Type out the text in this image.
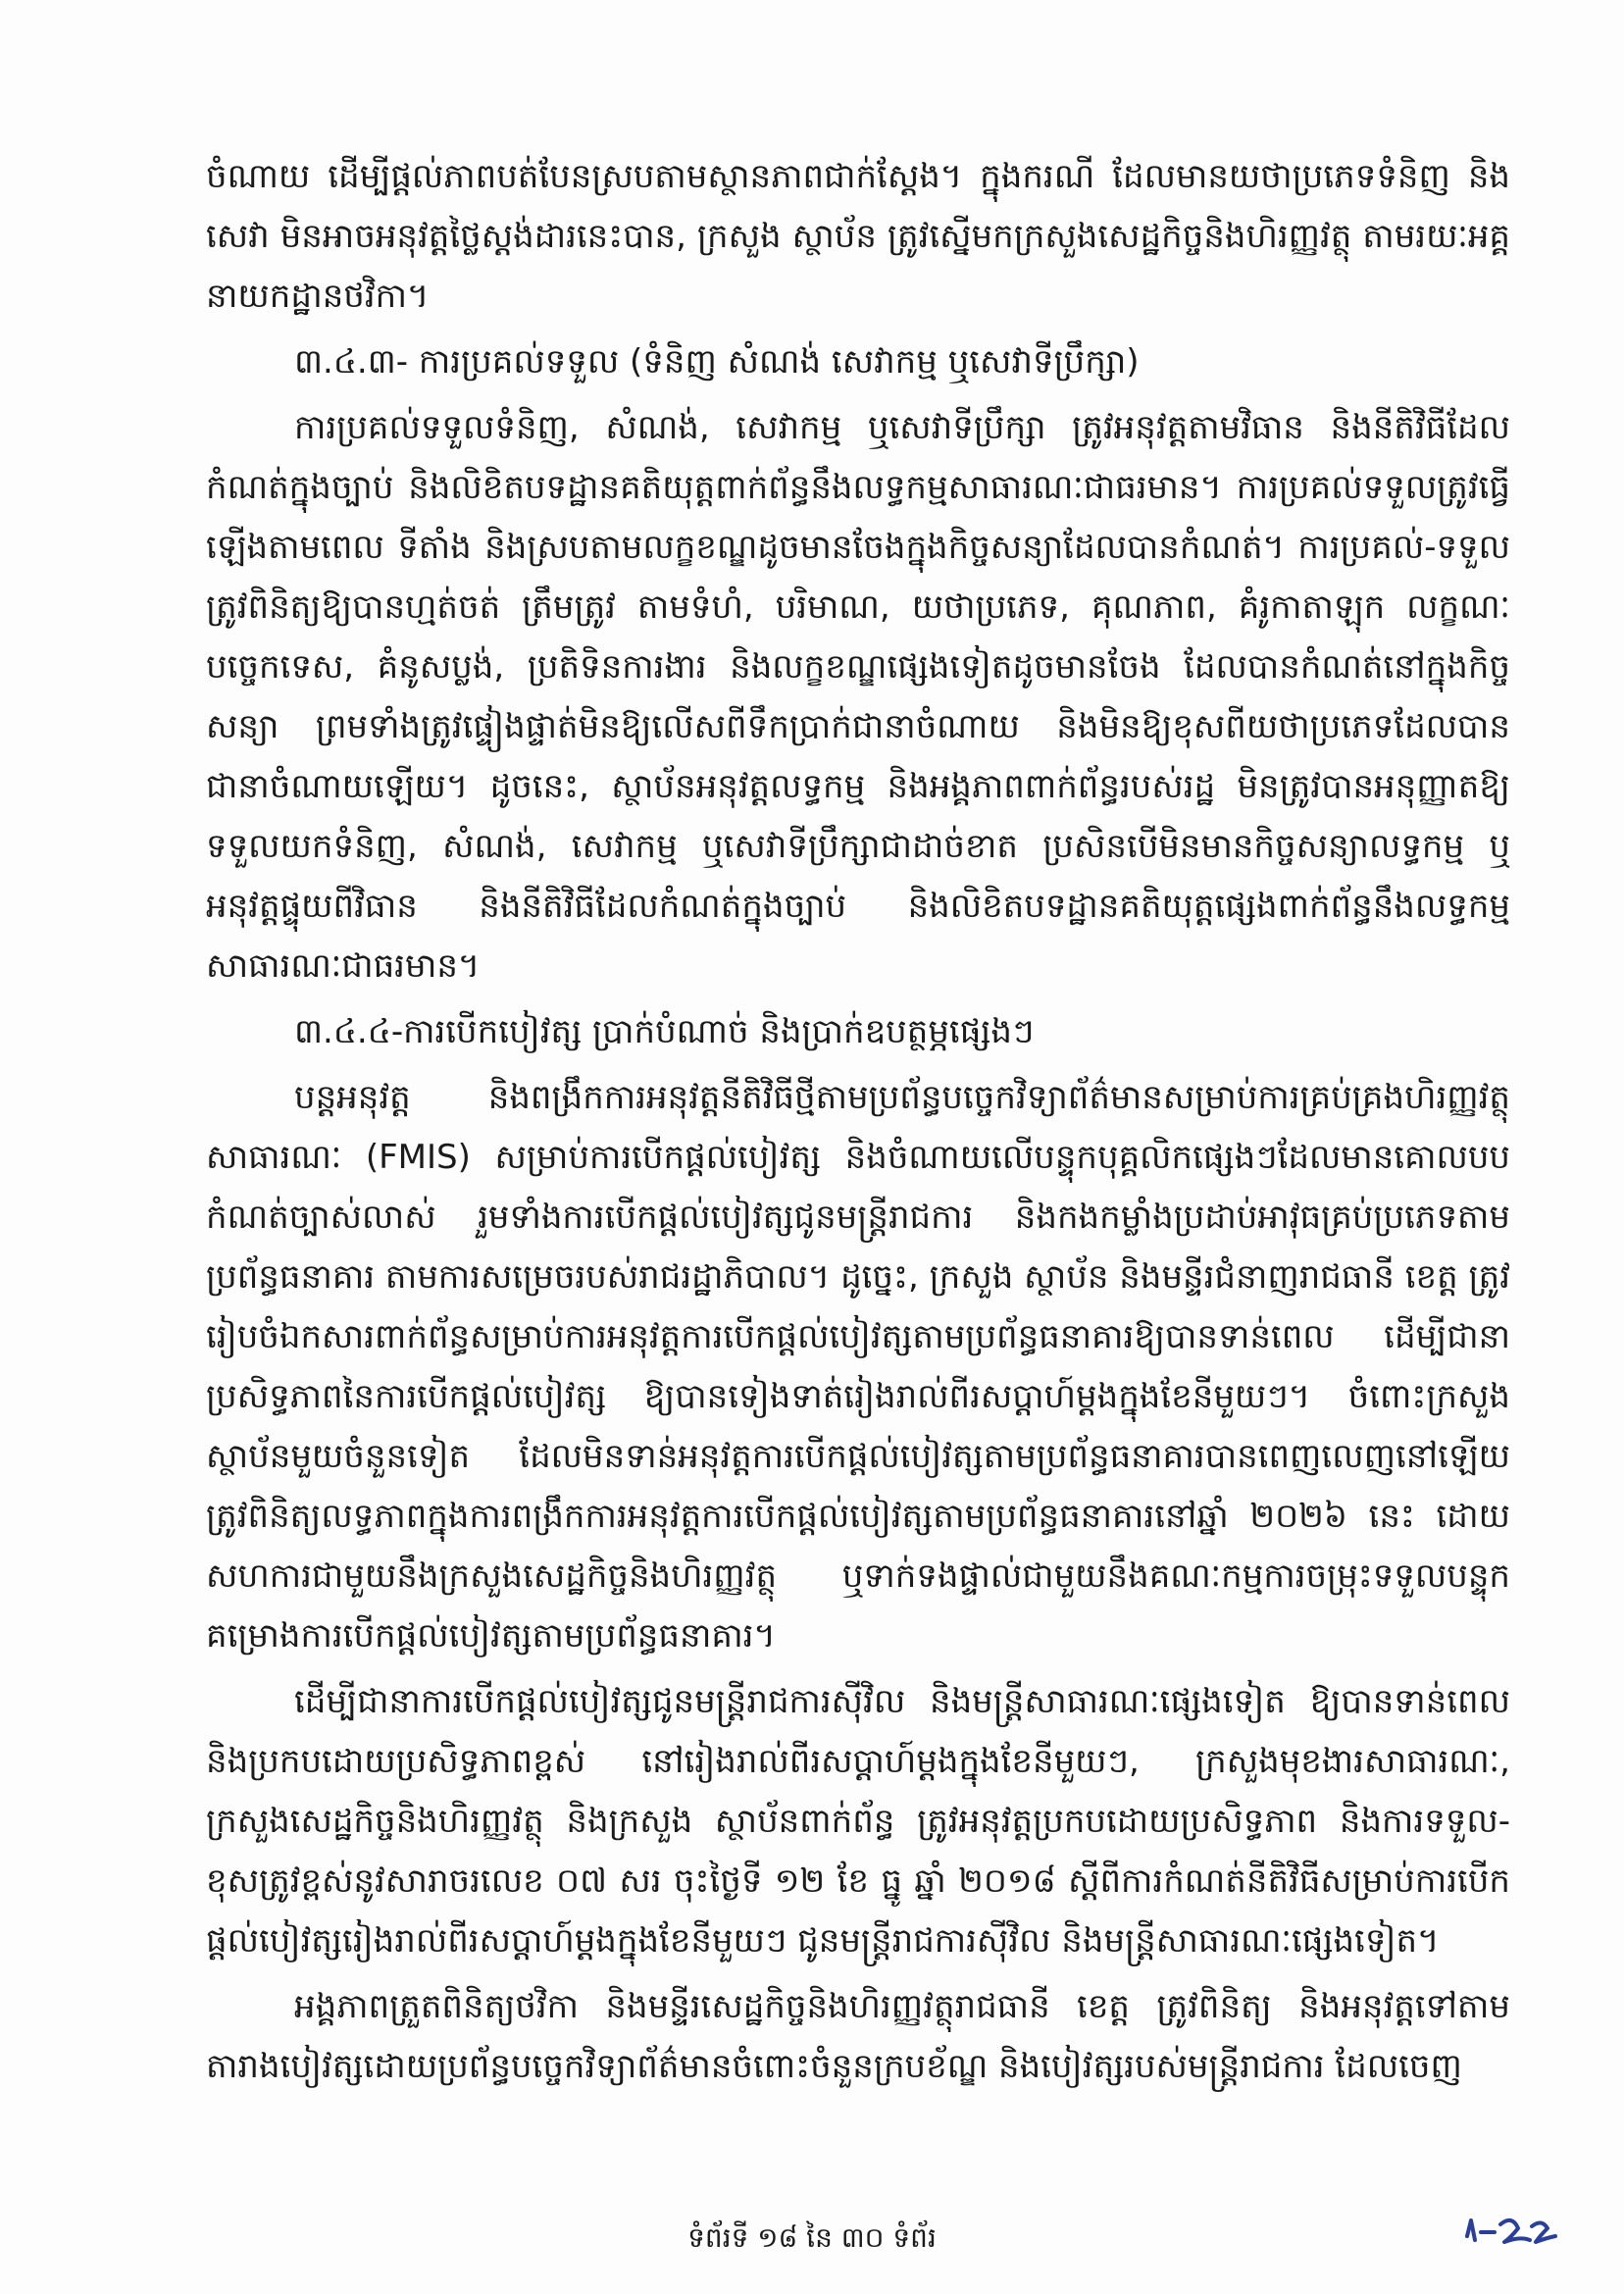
ចំណាយ ដើម្បីផ្តល់ភាពបត់បែនស្របតាមស្ថានភាពជាក់ស្តែង។ ក្នុងករណី ដែលមានយថាប្រភេទទំនិញ និងសេវា មិនអាចអនុវត្តថ្លៃស្តង់ដារនេះបាន, ក្រសួង ស្ថាប័ន ត្រូវស្នើមកក្រសួងសេដ្ឋកិច្ចនិងហិរញ្ញវត្ថុ តាមរយៈអគ្គនាយកដ្ឋានថវិកា។

៣.៤.៣- ការប្រគល់ទទួល (ទំនិញ សំណង់ សេវាកម្ម ឬសេវាទីប្រឹក្សា)

ការប្រគល់ទទួលទំនិញ, សំណង់, សេវាកម្ម ឬសេវាទីប្រឹក្សា ត្រូវអនុវត្តតាមវិធាន និងនីតិវិធីដែលកំណត់ក្នុងច្បាប់ និងលិខិតបទដ្ឋានគតិយុត្តពាក់ព័ន្ធនឹងលទ្ធកម្មសាធារណៈជាធរមាន។ ការប្រគល់ទទួលត្រូវធ្វើឡើងតាមពេល ទីតាំង និងស្របតាមលក្ខខណ្ឌដូចមានចែងក្នុងកិច្ចសន្យាដែលបានកំណត់។ ការប្រគល់-ទទួល ត្រូវពិនិត្យឱ្យបានហ្មត់ចត់ ត្រឹមត្រូវ តាមទំហំ, បរិមាណ, យថាប្រភេទ, គុណភាព, គំរូកាតាឡុក លក្ខណៈបច្ចេកទេស, គំនូសប្លង់, ប្រតិទិនការងារ និងលក្ខខណ្ឌផ្សេងទៀតដូចមានចែង ដែលបានកំណត់នៅក្នុងកិច្ចសន្យា ព្រមទាំងត្រូវផ្ទៀងផ្ទាត់មិនឱ្យលើសពីទឹកប្រាក់ជានាចំណាយ និងមិនឱ្យខុសពីយថាប្រភេទដែលបានជានាចំណាយឡើយ។ ដូចនេះ, ស្ថាប័នអនុវត្តលទ្ធកម្ម និងអង្គភាពពាក់ព័ន្ធរបស់រដ្ឋ មិនត្រូវបានអនុញ្ញាតឱ្យទទួលយកទំនិញ, សំណង់, សេវាកម្ម ឬសេវាទីប្រឹក្សាជាដាច់ខាត ប្រសិនបើមិនមានកិច្ចសន្យាលទ្ធកម្ម ឬអនុវត្តផ្ទុយពីវិធាន និងនីតិវិធីដែលកំណត់ក្នុងច្បាប់ និងលិខិតបទដ្ឋានគតិយុត្តផ្សេងពាក់ព័ន្ធនឹងលទ្ធកម្មសាធារណៈជាធរមាន។

៣.៤.៤-ការបើកបៀវត្ស ប្រាក់បំណាច់ និងប្រាក់ឧបត្ថម្ភផ្សេងៗ

បន្តអនុវត្ត និងពង្រឹកការអនុវត្តនីតិវិធីថ្មីតាមប្រព័ន្ធបច្ចេកវិទ្យាព័ត៌មានសម្រាប់ការគ្រប់គ្រងហិរញ្ញវត្ថុសាធារណៈ (FMIS) សម្រាប់ការបើកផ្តល់បៀវត្ស និងចំណាយលើបន្ទុកបុគ្គលិកផ្សេងៗដែលមានគោលបបកំណត់ច្បាស់លាស់ រួមទាំងការបើកផ្តល់បៀវត្សជូនមន្ត្រីរាជការ និងកងកម្លាំងប្រដាប់អាវុធគ្រប់ប្រភេទតាមប្រព័ន្ធធនាគារ តាមការសម្រេចរបស់រាជរដ្ឋាភិបាល។ ដូច្នេះ, ក្រសួង ស្ថាប័ន និងមន្ទីរជំនាញរាជធានី ខេត្ត ត្រូវរៀបចំឯកសារពាក់ព័ន្ធសម្រាប់ការអនុវត្តការបើកផ្តល់បៀវត្សតាមប្រព័ន្ធធនាគារឱ្យបានទាន់ពេល ដើម្បីជានាប្រសិទ្ធភាពនៃការបើកផ្តល់បៀវត្ស ឱ្យបានទៀងទាត់រៀងរាល់ពីរសប្តាហ៍ម្តងក្នុងខែនីមួយៗ។ ចំពោះក្រសួង ស្ថាប័នមួយចំនួនទៀត ដែលមិនទាន់អនុវត្តការបើកផ្តល់បៀវត្សតាមប្រព័ន្ធធនាគារបានពេញលេញនៅឡើយ ត្រូវពិនិត្យលទ្ធភាពក្នុងការពង្រឹកការអនុវត្តការបើកផ្តល់បៀវត្សតាមប្រព័ន្ធធនាគារនៅឆ្នាំ ២០២៦ នេះ ដោយសហការជាមួយនឹងក្រសួងសេដ្ឋកិច្ចនិងហិរញ្ញវត្ថុ ឬទាក់ទងផ្ទាល់ជាមួយនឹងគណៈកម្មការចម្រុះទទួលបន្ទុកគម្រោងការបើកផ្តល់បៀវត្សតាមប្រព័ន្ធធនាគារ។

ដើម្បីជានាការបើកផ្តល់បៀវត្សជូនមន្ត្រីរាជការស៊ីវិល និងមន្ត្រីសាធារណៈផ្សេងទៀត ឱ្យបានទាន់ពេលនិងប្រកបដោយប្រសិទ្ធភាពខ្ពស់ នៅរៀងរាល់ពីរសប្តាហ៍ម្តងក្នុងខែនីមួយៗ, ក្រសួងមុខងារសាធារណៈ, ក្រសួងសេដ្ឋកិច្ចនិងហិរញ្ញវត្ថុ និងក្រសួង ស្ថាប័នពាក់ព័ន្ធ ត្រូវអនុវត្តប្រកបដោយប្រសិទ្ធភាព និងការទទួល-ខុសត្រូវខ្ពស់នូវសារាចរលេខ ០៧ សរ ចុះថ្ងៃទី ១២ ខែ ធ្នូ ឆ្នាំ ២០១៨ ស្តីពីការកំណត់នីតិវិធីសម្រាប់ការបើកផ្តល់បៀវត្សរៀងរាល់ពីរសប្តាហ៍ម្តងក្នុងខែនីមួយៗ ជូនមន្ត្រីរាជការស៊ីវិល និងមន្ត្រីសាធារណៈផ្សេងទៀត។

អង្គភាពត្រួតពិនិត្យថវិកា និងមន្ទីរសេដ្ឋកិច្ចនិងហិរញ្ញវត្ថុរាជធានី ខេត្ត ត្រូវពិនិត្យ និងអនុវត្តទៅតាមតារាងបៀវត្សដោយប្រព័ន្ធបច្ចេកវិទ្យាព័ត៌មានចំពោះចំនួនក្របខ័ណ្ឌ និងបៀវត្សរបស់មន្ត្រីរាជការ ដែលចេញ

ទំព័រទី ១៨ នៃ ៣០ ទំព័រ
